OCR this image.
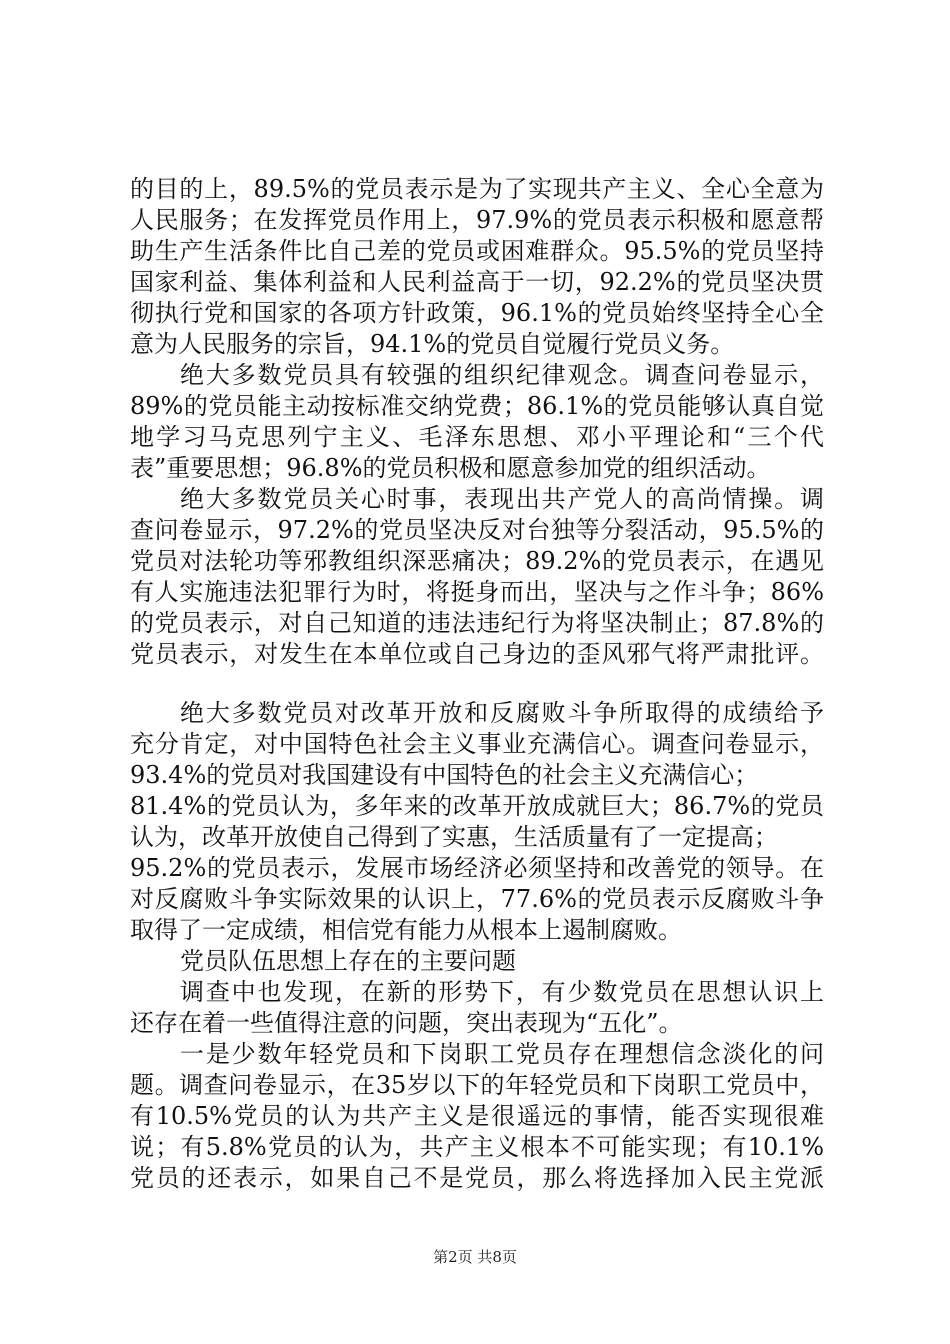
的目的上，89.5%的党员表示是为了实现共产主义、全心全意为
人民服务；在发挥党员作用上，97.9%的党员表示积极和愿意帮
助生产生活条件比自己差的党员或困难群众。95.5%的党员坚持
国家利益、集体利益和人民利益高于一切，92.2%的党员坚决贯
彻执行党和国家的各项方针政策，96.1%的党员始终坚持全心全
意为人民服务的宗旨，94.1%的党员自觉履行党员义务。
绝大多数党员具有较强的组织纪律观念。调查问卷显示，
89%的党员能主动按标准交纳党费；86.1%的党员能够认真自觉
地学习马克思列宁主义、毛泽东思想、邓小平理论和“三个代
表”重要思想；96.8%的党员积极和愿意参加党的组织活动。
绝大多数党员关心时事，表现出共产党人的高尚情操。调
查问卷显示，97.2%的党员坚决反对台独等分裂活动，95.5%的
党员对法轮功等邪教组织深恶痛决；89.2%的党员表示，在遇见
有人实施违法犯罪行为时，将挺身而出，坚决与之作斗争；86%
的党员表示，对自己知道的违法违纪行为将坚决制止；87.8%的
党员表示，对发生在本单位或自己身边的歪风邪气将严肃批评。
绝大多数党员对改革开放和反腐败斗争所取得的成绩给予
充分肯定，对中国特色社会主义事业充满信心。调查问卷显示，
93.4%的党员对我国建设有中国特色的社会主义充满信心；
81.4%的党员认为，多年来的改革开放成就巨大；86.7%的党员
认为，改革开放使自己得到了实惠，生活质量有了一定提高；
95.2%的党员表示，发展市场经济必须坚持和改善党的领导。在
对反腐败斗争实际效果的认识上，77.6%的党员表示反腐败斗争
取得了一定成绩，相信党有能力从根本上遏制腐败。
党员队伍思想上存在的主要问题
调查中也发现，在新的形势下，有少数党员在思想认识上
还存在着一些值得注意的问题，突出表现为“五化”。
一是少数年轻党员和下岗职工党员存在理想信念淡化的问
题。调查问卷显示，在35岁以下的年轻党员和下岗职工党员中，
有10.5%党员的认为共产主义是很遥远的事情，能否实现很难
说；有5.8%党员的认为，共产主义根本不可能实现；有10.1%
党员的还表示，如果自己不是党员，那么将选择加入民主党派
第2页 共8页
